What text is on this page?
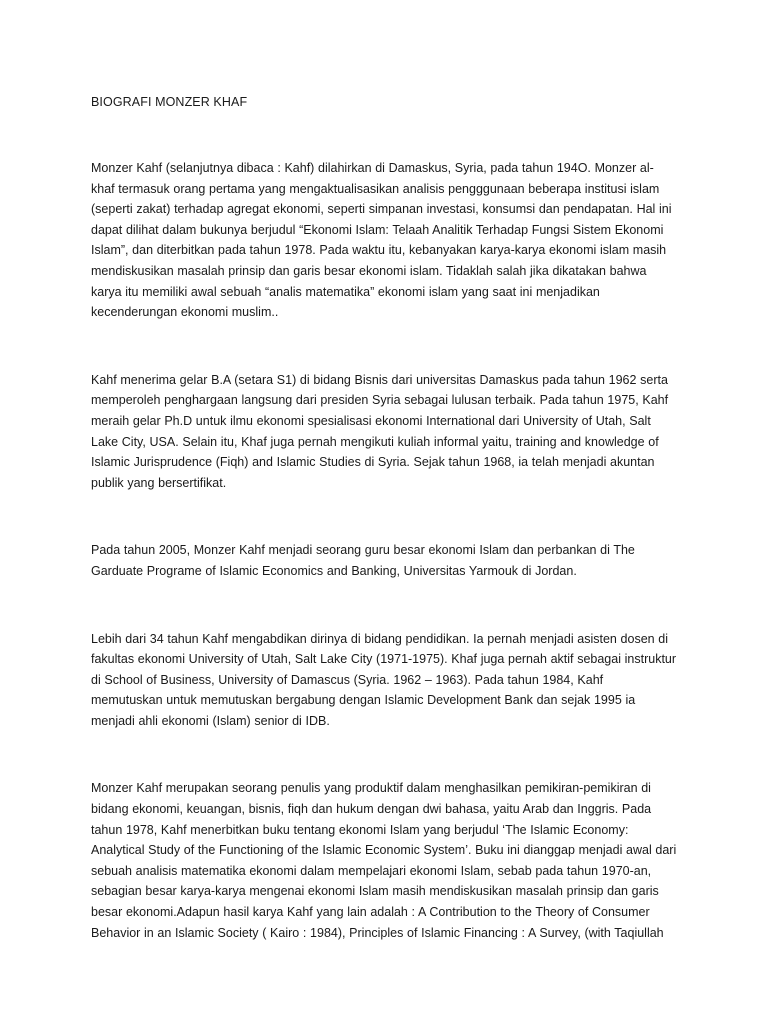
BIOGRAFI MONZER KHAF

Monzer Kahf (selanjutnya dibaca : Kahf) dilahirkan di Damaskus, Syria, pada tahun 194O. Monzer al-khaf termasuk orang pertama yang mengaktualisasikan analisis pengggunaan beberapa institusi islam (seperti zakat) terhadap agregat ekonomi, seperti simpanan investasi, konsumsi dan pendapatan. Hal ini dapat dilihat dalam bukunya berjudul “Ekonomi Islam: Telaah Analitik Terhadap Fungsi Sistem Ekonomi Islam”, dan diterbitkan pada tahun 1978. Pada waktu itu, kebanyakan karya-karya ekonomi islam masih mendiskusikan masalah prinsip dan garis besar ekonomi islam. Tidaklah salah jika dikatakan bahwa karya itu memiliki awal sebuah “analis matematika” ekonomi islam yang saat ini menjadikan kecenderungan ekonomi muslim..

Kahf menerima gelar B.A (setara S1) di bidang Bisnis dari universitas Damaskus pada tahun 1962 serta memperoleh penghargaan langsung dari presiden Syria sebagai lulusan terbaik. Pada tahun 1975, Kahf meraih gelar Ph.D untuk ilmu ekonomi spesialisasi ekonomi International dari University of Utah, Salt Lake City, USA. Selain itu, Khaf juga pernah mengikuti kuliah informal yaitu, training and knowledge of Islamic Jurisprudence (Fiqh) and Islamic Studies di Syria. Sejak tahun 1968, ia telah menjadi akuntan publik yang bersertifikat.

Pada tahun 2005, Monzer Kahf menjadi seorang guru besar ekonomi Islam dan perbankan di The Garduate Programe of Islamic Economics and Banking, Universitas Yarmouk di Jordan.

Lebih dari 34 tahun Kahf mengabdikan dirinya di bidang pendidikan. Ia pernah menjadi asisten dosen di fakultas ekonomi University of Utah, Salt Lake City (1971-1975). Khaf juga pernah aktif sebagai instruktur di School of Business, University of Damascus (Syria. 1962 – 1963). Pada tahun 1984, Kahf memutuskan untuk memutuskan bergabung dengan Islamic Development Bank dan sejak 1995 ia menjadi ahli ekonomi (Islam) senior di IDB.

Monzer Kahf merupakan seorang penulis yang produktif dalam menghasilkan pemikiran-pemikiran di bidang ekonomi, keuangan, bisnis, fiqh dan hukum dengan dwi bahasa, yaitu Arab dan Inggris. Pada tahun 1978, Kahf menerbitkan buku tentang ekonomi Islam yang berjudul ‘The Islamic Economy: Analytical Study of the Functioning of the Islamic Economic System’. Buku ini dianggap menjadi awal dari sebuah analisis matematika ekonomi dalam mempelajari ekonomi Islam, sebab pada tahun 1970-an, sebagian besar karya-karya mengenai ekonomi Islam masih mendiskusikan masalah prinsip dan garis besar ekonomi.Adapun hasil karya Kahf yang lain adalah : A Contribution to the Theory of Consumer Behavior in an Islamic Society ( Kairo : 1984), Principles of Islamic Financing : A Survey, (with Taqiullah
